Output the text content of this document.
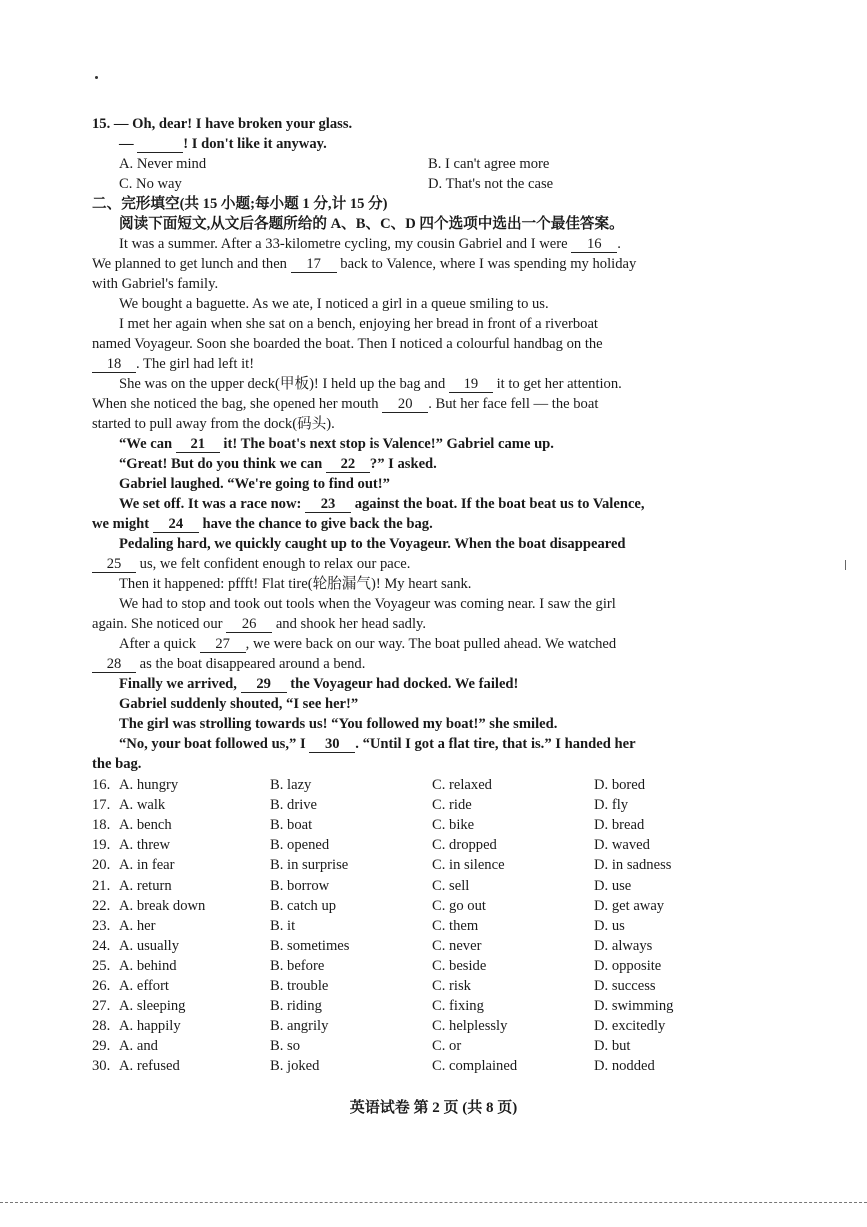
15. — Oh, dear! I have broken your glass.
—	! I don't like it anyway.
A. Never mind	B. I can't agree more
C. No way	D. That's not the case
二、完形填空(共 15 小题;每小题 1 分,计 15 分)
阅读下面短文,从文后各题所给的 A、B、C、D 四个选项中选出一个最佳答案。
It was a summer. After a 33-kilometre cycling, my cousin Gabriel and I were 16 .
We planned to get lunch and then 17 back to Valence, where I was spending my holiday
with Gabriel's family.
We bought a baguette. As we ate, I noticed a girl in a queue smiling to us.
I met her again when she sat on a bench, enjoying her bread in front of a riverboat
named Voyageur. Soon she boarded the boat. Then I noticed a colourful handbag on the
18 . The girl had left it!
She was on the upper deck(甲板)! I held up the bag and 19 it to get her attention.
When she noticed the bag, she opened her mouth 20 . But her face fell — the boat
started to pull away from the dock(码头).
“We can 21 it! The boat's next stop is Valence!” Gabriel came up.
“Great! But do you think we can 22 ?” I asked.
Gabriel laughed. “We're going to find out!”
We set off. It was a race now: 23 against the boat. If the boat beat us to Valence,
we might 24 have the chance to give back the bag.
Pedaling hard, we quickly caught up to the Voyageur. When the boat disappeared
25 us, we felt confident enough to relax our pace.
Then it happened: pffft! Flat tire(轮胎漏气)! My heart sank.
We had to stop and took out tools when the Voyageur was coming near. I saw the girl
again. She noticed our 26 and shook her head sadly.
After a quick 27 , we were back on our way. The boat pulled ahead. We watched
28 as the boat disappeared around a bend.
Finally we arrived, 29 the Voyageur had docked. We failed!
Gabriel suddenly shouted, “I see her!”
The girl was strolling towards us! “You followed my boat!” she smiled.
“No, your boat followed us,” I 30 . “Until I got a flat tire, that is.” I handed her
the bag.
16. A. hungry	B. lazy	C. relaxed	D. bored
17. A. walk	B. drive	C. ride	D. fly
18. A. bench	B. boat	C. bike	D. bread
19. A. threw	B. opened	C. dropped	D. waved
20. A. in fear	B. in surprise	C. in silence	D. in sadness
21. A. return	B. borrow	C. sell	D. use
22. A. break down	B. catch up	C. go out	D. get away
23. A. her	B. it	C. them	D. us
24. A. usually	B. sometimes	C. never	D. always
25. A. behind	B. before	C. beside	D. opposite
26. A. effort	B. trouble	C. risk	D. success
27. A. sleeping	B. riding	C. fixing	D. swimming
28. A. happily	B. angrily	C. helplessly	D. excitedly
29. A. and	B. so	C. or	D. but
30. A. refused	B. joked	C. complained	D. nodded
英语试卷 第 2 页 (共 8 页)
